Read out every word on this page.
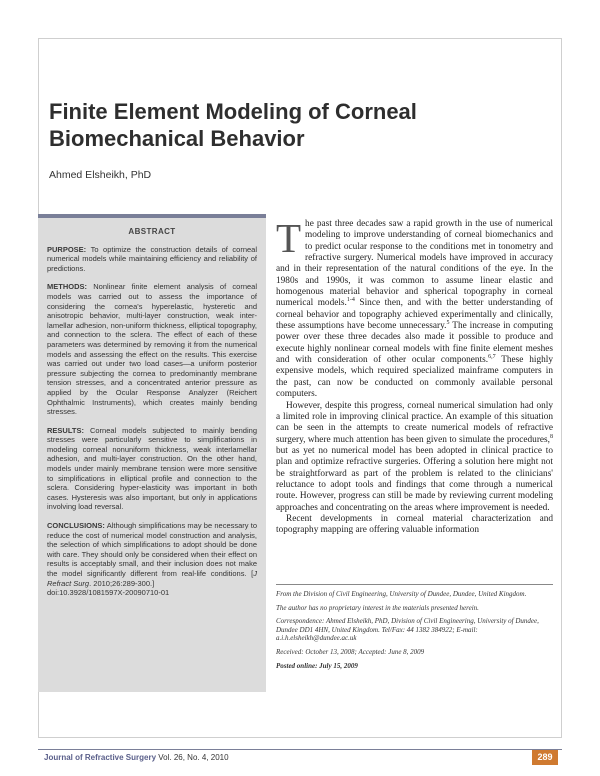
Finite Element Modeling of Corneal
Biomechanical Behavior
Ahmed Elsheikh, PhD
ABSTRACT

PURPOSE: To optimize the construction details of corneal numerical models while maintaining efficiency and reliability of predictions.

METHODS: Nonlinear finite element analysis of corneal models was carried out to assess the importance of considering the cornea's hyperelastic, hysteretic and anisotropic behavior, multi-layer construction, weak inter-lamellar adhesion, non-uniform thickness, elliptical topography, and connection to the sclera. The effect of each of these parameters was determined by removing it from the numerical models and assessing the effect on the results. This exercise was carried out under two load cases—a uniform posterior pressure subjecting the cornea to predominantly membrane tension stresses, and a concentrated anterior pressure as applied by the Ocular Response Analyzer (Reichert Ophthalmic Instruments), which creates mainly bending stresses.

RESULTS: Corneal models subjected to mainly bending stresses were particularly sensitive to simplifications in modeling corneal nonuniform thickness, weak interlamellar adhesion, and multi-layer construction. On the other hand, models under mainly membrane tension were more sensitive to simplifications in elliptical profile and connection to the sclera. Considering hyper-elasticity was important in both cases. Hysteresis was also important, but only in applications involving load reversal.

CONCLUSIONS: Although simplifications may be necessary to reduce the cost of numerical model construction and analysis, the selection of which simplifications to adopt should be done with care. They should only be considered when their effect on results is acceptably small, and their inclusion does not make the model significantly different from real-life conditions. [J Refract Surg. 2010;26:289-300.]
doi:10.3928/1081597X-20090710-01

The past three decades saw a rapid growth in the use of numerical modeling to improve understanding of corneal biomechanics and to predict ocular response to the conditions met in tonometry and refractive surgery. Numerical models have improved in accuracy and in their representation of the natural conditions of the eye. In the 1980s and 1990s, it was common to assume linear elastic and homogenous material behavior and spherical topography in corneal numerical models.$^{1-4}$ Since then, and with the better understanding of corneal behavior and topography achieved experimentally and clinically, these assumptions have become unnecessary.$^5$ The increase in computing power over these three decades also made it possible to produce and execute highly nonlinear corneal models with fine finite element meshes and with consideration of other ocular components.$^{6,7}$ These highly expensive models, which required specialized mainframe computers in the past, can now be conducted on commonly available personal computers.

However, despite this progress, corneal numerical simulation had only a limited role in improving clinical practice. An example of this situation can be seen in the attempts to create numerical models of refractive surgery, where much attention has been given to simulate the procedures,$^8$ but as yet no numerical model has been adopted in clinical practice to plan and optimize refractive surgeries. Offering a solution here might not be straightforward as part of the problem is related to the clinicians' reluctance to adopt tools and findings that come through a numerical route. However, progress can still be made by reviewing current modeling approaches and concentrating on the areas where improvement is needed.

Recent developments in corneal material characterization and topography mapping are offering valuable information

From the Division of Civil Engineering, University of Dundee, Dundee, United Kingdom.

The author has no proprietary interest in the materials presented herein.

Correspondence: Ahmed Elsheikh, PhD, Division of Civil Engineering, University of Dundee, Dundee DD1 4HN, United Kingdom. Tel/Fax: 44 1382 384922; E-mail: a.i.h.elsheikh@dundee.ac.uk

Received: October 13, 2008; Accepted: June 8, 2009

Posted online: July 15, 2009

Journal of Refractive Surgery Vol. 26, No. 4, 2010	289
